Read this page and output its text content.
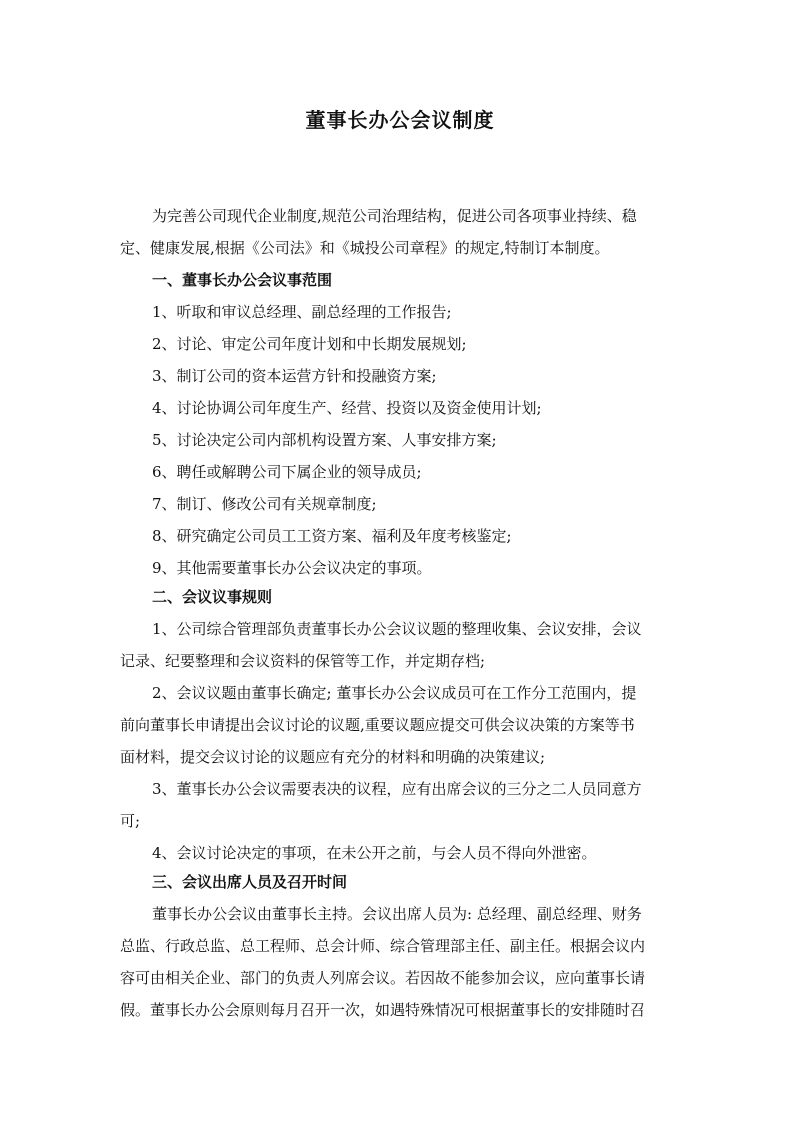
董事长办公会议制度
为完善公司现代企业制度,规范公司治理结构，促进公司各项事业持续、稳
定、健康发展,根据《公司法》和《城投公司章程》的规定,特制订本制度。
一、董事长办公会议事范围
1、听取和审议总经理、副总经理的工作报告;
2、讨论、审定公司年度计划和中长期发展规划;
3、制订公司的资本运营方针和投融资方案;
4、讨论协调公司年度生产、经营、投资以及资金使用计划;
5、讨论决定公司内部机构设置方案、人事安排方案;
6、聘任或解聘公司下属企业的领导成员;
7、制订、修改公司有关规章制度;
8、研究确定公司员工工资方案、福利及年度考核鉴定;
9、其他需要董事长办公会议决定的事项。
二、会议议事规则
1、公司综合管理部负责董事长办公会议议题的整理收集、会议安排，会议
记录、纪要整理和会议资料的保管等工作，并定期存档;
2、会议议题由董事长确定; 董事长办公会议成员可在工作分工范围内，提
前向董事长申请提出会议讨论的议题,重要议题应提交可供会议决策的方案等书
面材料，提交会议讨论的议题应有充分的材料和明确的决策建议;
3、董事长办公会议需要表决的议程，应有出席会议的三分之二人员同意方
可;
4、会议讨论决定的事项，在未公开之前，与会人员不得向外泄密。
三、会议出席人员及召开时间
董事长办公会议由董事长主持。会议出席人员为: 总经理、副总经理、财务
总监、行政总监、总工程师、总会计师、综合管理部主任、副主任。根据会议内
容可由相关企业、部门的负责人列席会议。若因故不能参加会议，应向董事长请
假。董事长办公会原则每月召开一次，如遇特殊情况可根据董事长的安排随时召
